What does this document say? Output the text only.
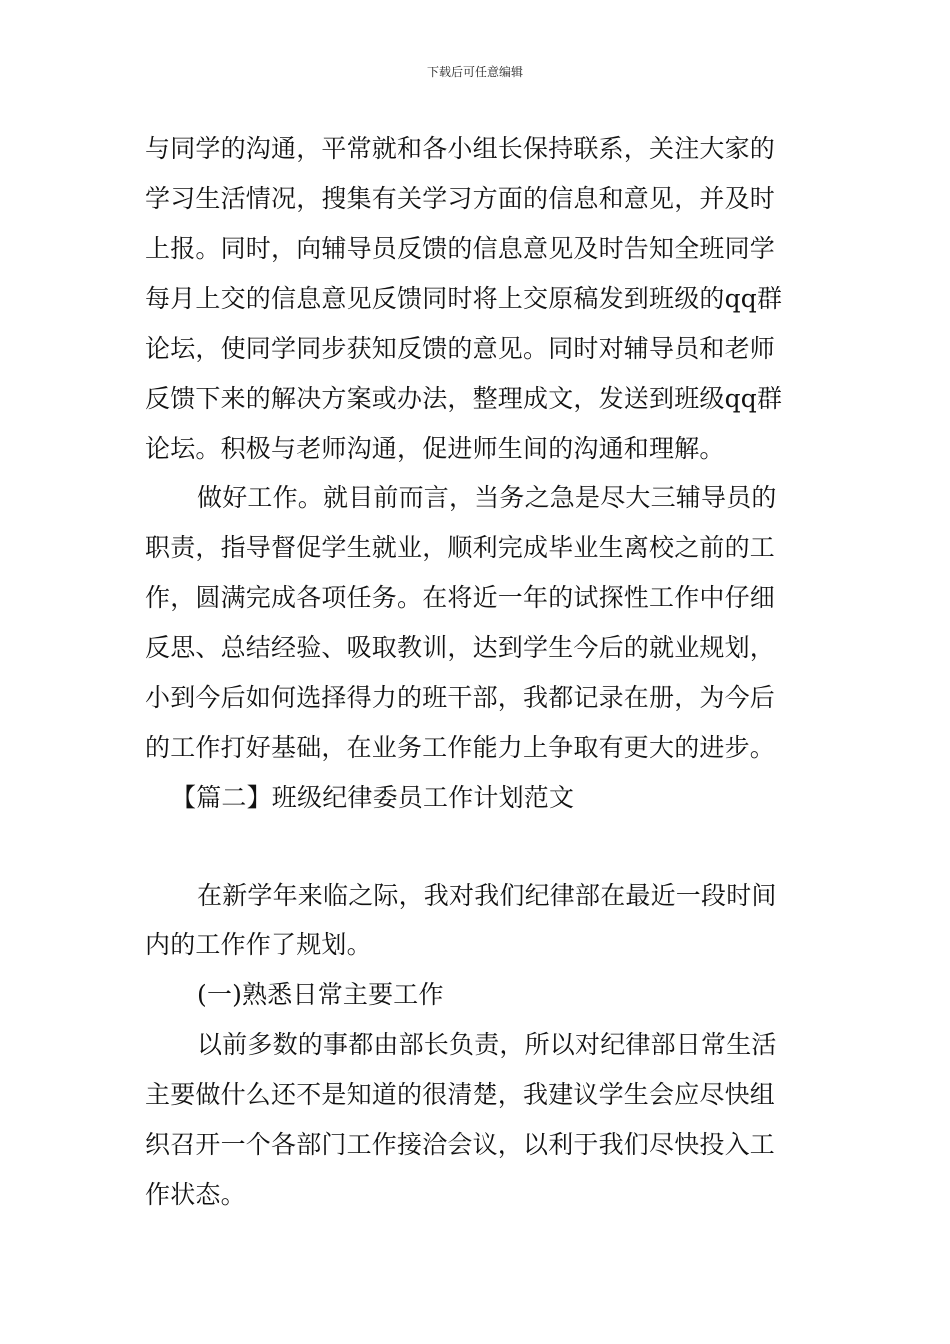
下载后可任意编辑
与同学的沟通，平常就和各小组长保持联系，关注大家的
学习生活情况，搜集有关学习方面的信息和意见，并及时
上报。同时，向辅导员反馈的信息意见及时告知全班同学
每月上交的信息意见反馈同时将上交原稿发到班级的qq群
论坛，使同学同步获知反馈的意见。同时对辅导员和老师
反馈下来的解决方案或办法，整理成文，发送到班级qq群
论坛。积极与老师沟通，促进师生间的沟通和理解。
做好工作。就目前而言，当务之急是尽大三辅导员的
职责，指导督促学生就业，顺利完成毕业生离校之前的工
作，圆满完成各项任务。在将近一年的试探性工作中仔细
反思、总结经验、吸取教训，达到学生今后的就业规划，
小到今后如何选择得力的班干部，我都记录在册，为今后
的工作打好基础，在业务工作能力上争取有更大的进步。
【篇二】班级纪律委员工作计划范文
在新学年来临之际，我对我们纪律部在最近一段时间
内的工作作了规划。
(一)熟悉日常主要工作
以前多数的事都由部长负责，所以对纪律部日常生活
主要做什么还不是知道的很清楚，我建议学生会应尽快组
织召开一个各部门工作接洽会议，以利于我们尽快投入工
作状态。
